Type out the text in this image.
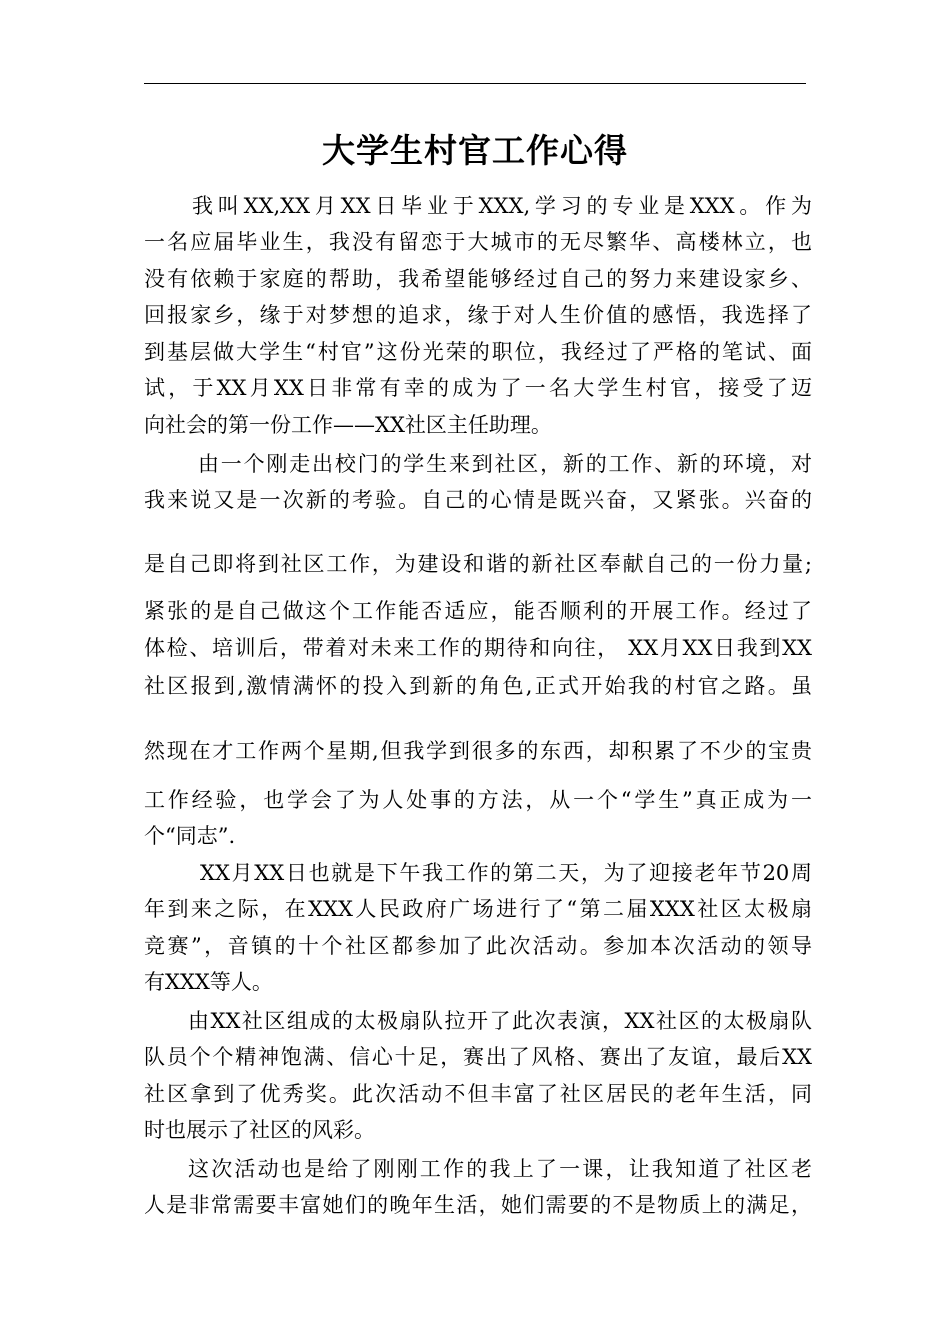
大学生村官工作心得
我叫XX,XX月XX日毕业于XXX,学习的专业是XXX。作为
一名应届毕业生，我没有留恋于大城市的无尽繁华、高楼林立，也
没有依赖于家庭的帮助，我希望能够经过自己的努力来建设家乡、
回报家乡，缘于对梦想的追求，缘于对人生价值的感悟，我选择了
到基层做大学生“村官”这份光荣的职位，我经过了严格的笔试、面
试，于XX月XX日非常有幸的成为了一名大学生村官，接受了迈
向社会的第一份工作——XX社区主任助理。
由一个刚走出校门的学生来到社区，新的工作、新的环境，对
我来说又是一次新的考验。自己的心情是既兴奋，又紧张。兴奋的
是自己即将到社区工作，为建设和谐的新社区奉献自己的一份力量;
紧张的是自己做这个工作能否适应，能否顺利的开展工作。经过了
体检、培训后，带着对未来工作的期待和向往， XX月XX日我到XX
社区报到,激情满怀的投入到新的角色,正式开始我的村官之路。虽
然现在才工作两个星期,但我学到很多的东西，却积累了不少的宝贵
工作经验，也学会了为人处事的方法，从一个“学生”真正成为一
个“同志”.
XX月XX日也就是下午我工作的第二天，为了迎接老年节20周
年到来之际，在XXX人民政府广场进行了“第二届XXX社区太极扇
竞赛”，音镇的十个社区都参加了此次活动。参加本次活动的领导
有XXX等人。
由XX社区组成的太极扇队拉开了此次表演，XX社区的太极扇队
队员个个精神饱满、信心十足，赛出了风格、赛出了友谊，最后XX
社区拿到了优秀奖。此次活动不但丰富了社区居民的老年生活，同
时也展示了社区的风彩。
这次活动也是给了刚刚工作的我上了一课，让我知道了社区老
人是非常需要丰富她们的晚年生活，她们需要的不是物质上的满足，
